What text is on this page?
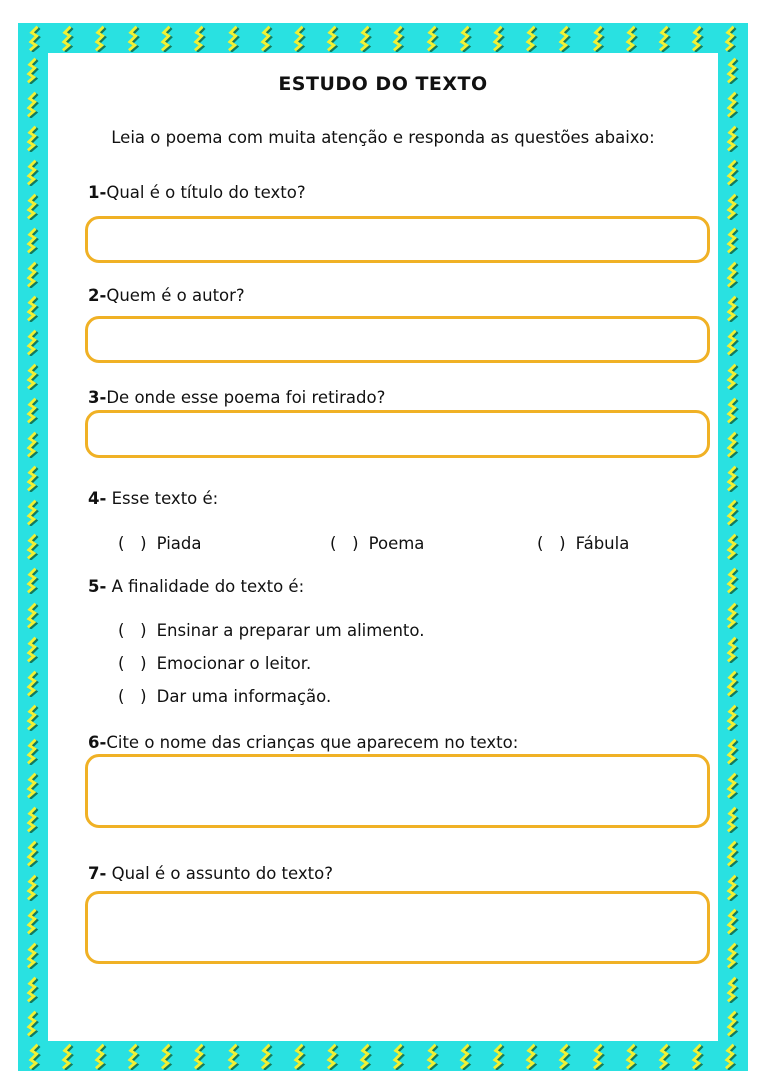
ESTUDO DO TEXTO
Leia o poema com muita atenção e responda as questões abaixo:
1-Qual é o título do texto?
2-Quem é o autor?
3-De onde esse poema foi retirado?
4- Esse texto é:
(   ) Piada	(   ) Poema	(   ) Fábula
5- A finalidade do texto é:
(   ) Ensinar a preparar um alimento.
(   ) Emocionar o leitor.
(   ) Dar uma informação.
6-Cite o nome das crianças que aparecem no texto:
7- Qual é o assunto do texto?
